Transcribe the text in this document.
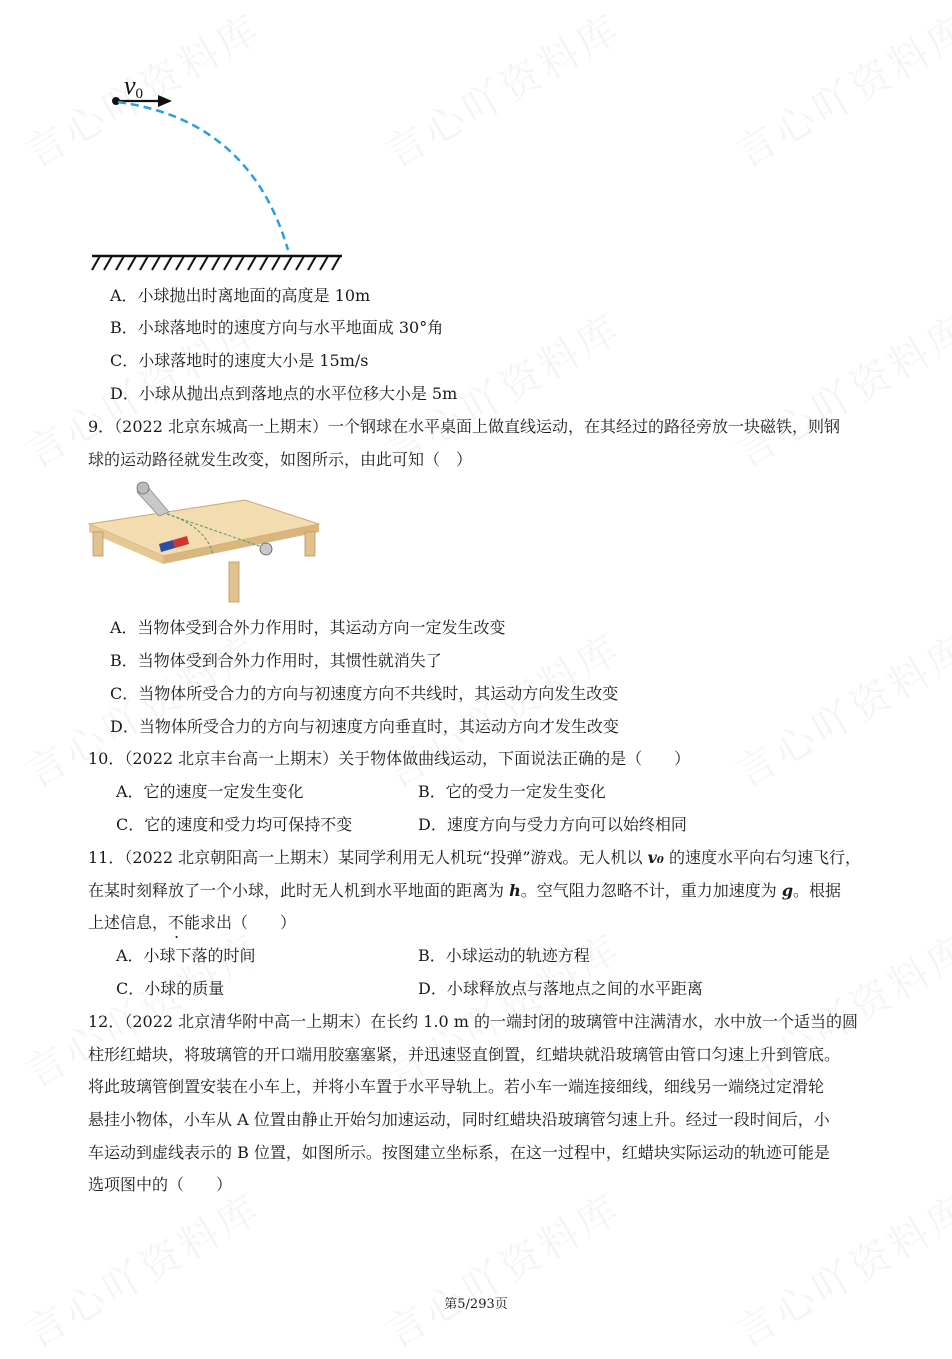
v0
A．小球抛出时离地面的高度是 10m
B．小球落地时的速度方向与水平地面成 30°角
C．小球落地时的速度大小是 15m/s
D．小球从抛出点到落地点的水平位移大小是 5m
9．（2022 北京东城高一上期末）一个钢球在水平桌面上做直线运动，在其经过的路径旁放一块磁铁，则钢
球的运动路径就发生改变，如图所示，由此可知（　）
A．当物体受到合外力作用时，其运动方向一定发生改变
B．当物体受到合外力作用时，其惯性就消失了
C．当物体所受合力的方向与初速度方向不共线时，其运动方向发生改变
D．当物体所受合力的方向与初速度方向垂直时，其运动方向才发生改变
10．（2022 北京丰台高一上期末）关于物体做曲线运动，下面说法正确的是（　　）
A．它的速度一定发生变化	B．它的受力一定发生变化
C．它的速度和受力均可保持不变	D．速度方向与受力方向可以始终相同
11．（2022 北京朝阳高一上期末）某同学利用无人机玩“投弹”游戏。无人机以 v₀ 的速度水平向右匀速飞行，
在某时刻释放了一个小球，此时无人机到水平地面的距离为 h。空气阻力忽略不计，重力加速度为 g。根据
上述信息，不能求出（　　）
A．小球下落的时间	B．小球运动的轨迹方程
C．小球的质量	D．小球释放点与落地点之间的水平距离
12．（2022 北京清华附中高一上期末）在长约 1.0 m 的一端封闭的玻璃管中注满清水，水中放一个适当的圆
柱形红蜡块，将玻璃管的开口端用胶塞塞紧，并迅速竖直倒置，红蜡块就沿玻璃管由管口匀速上升到管底。
将此玻璃管倒置安装在小车上，并将小车置于水平导轨上。若小车一端连接细线，细线另一端绕过定滑轮
悬挂小物体，小车从 A 位置由静止开始匀加速运动，同时红蜡块沿玻璃管匀速上升。经过一段时间后，小
车运动到虚线表示的 B 位置，如图所示。按图建立坐标系，在这一过程中，红蜡块实际运动的轨迹可能是
选项图中的（　　）
第5/293页
